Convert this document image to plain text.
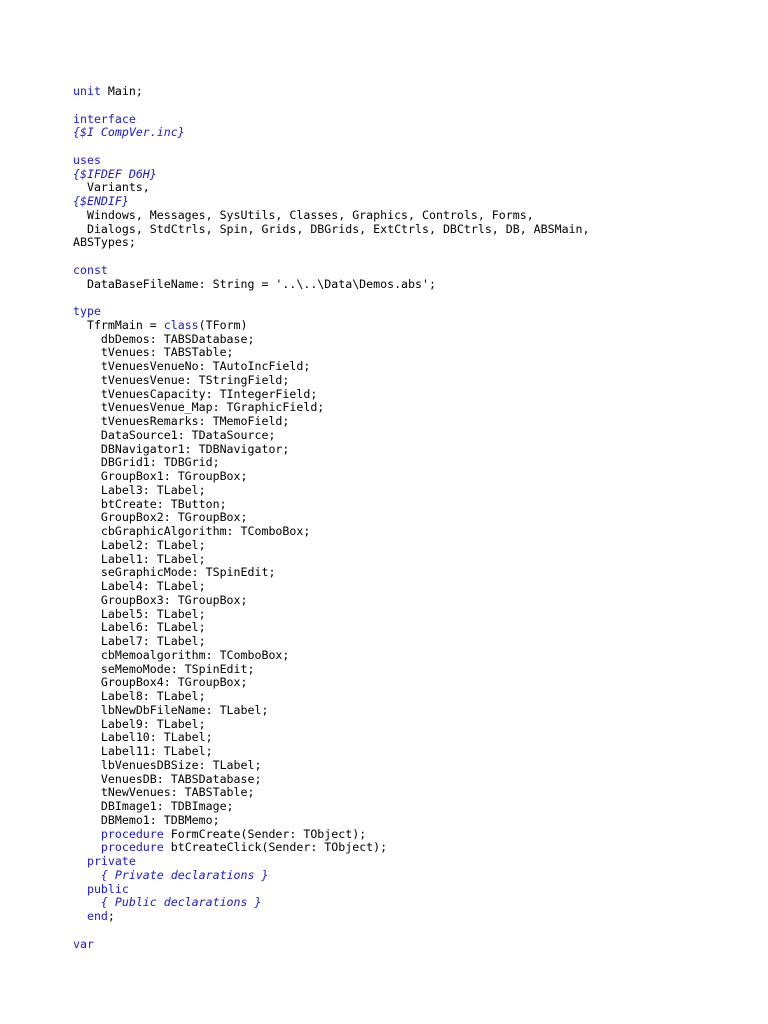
unit Main;
interface
{$I CompVer.inc}
uses
{$IFDEF D6H}
Variants,
{$ENDIF}
Windows, Messages, SysUtils, Classes, Graphics, Controls, Forms,
Dialogs, StdCtrls, Spin, Grids, DBGrids, ExtCtrls, DBCtrls, DB, ABSMain,
ABSTypes;
const
DataBaseFileName: String = '..\..\Data\Demos.abs';
type
TfrmMain = class(TForm)
dbDemos: TABSDatabase;
tVenues: TABSTable;
tVenuesVenueNo: TAutoIncField;
tVenuesVenue: TStringField;
tVenuesCapacity: TIntegerField;
tVenuesVenue_Map: TGraphicField;
tVenuesRemarks: TMemoField;
DataSource1: TDataSource;
DBNavigator1: TDBNavigator;
DBGrid1: TDBGrid;
GroupBox1: TGroupBox;
Label3: TLabel;
btCreate: TButton;
GroupBox2: TGroupBox;
cbGraphicAlgorithm: TComboBox;
Label2: TLabel;
Label1: TLabel;
seGraphicMode: TSpinEdit;
Label4: TLabel;
GroupBox3: TGroupBox;
Label5: TLabel;
Label6: TLabel;
Label7: TLabel;
cbMemoalgorithm: TComboBox;
seMemoMode: TSpinEdit;
GroupBox4: TGroupBox;
Label8: TLabel;
lbNewDbFileName: TLabel;
Label9: TLabel;
Label10: TLabel;
Label11: TLabel;
lbVenuesDBSize: TLabel;
VenuesDB: TABSDatabase;
tNewVenues: TABSTable;
DBImage1: TDBImage;
DBMemo1: TDBMemo;
procedure FormCreate(Sender: TObject);
procedure btCreateClick(Sender: TObject);
private
{ Private declarations }
public
{ Public declarations }
end;
var
